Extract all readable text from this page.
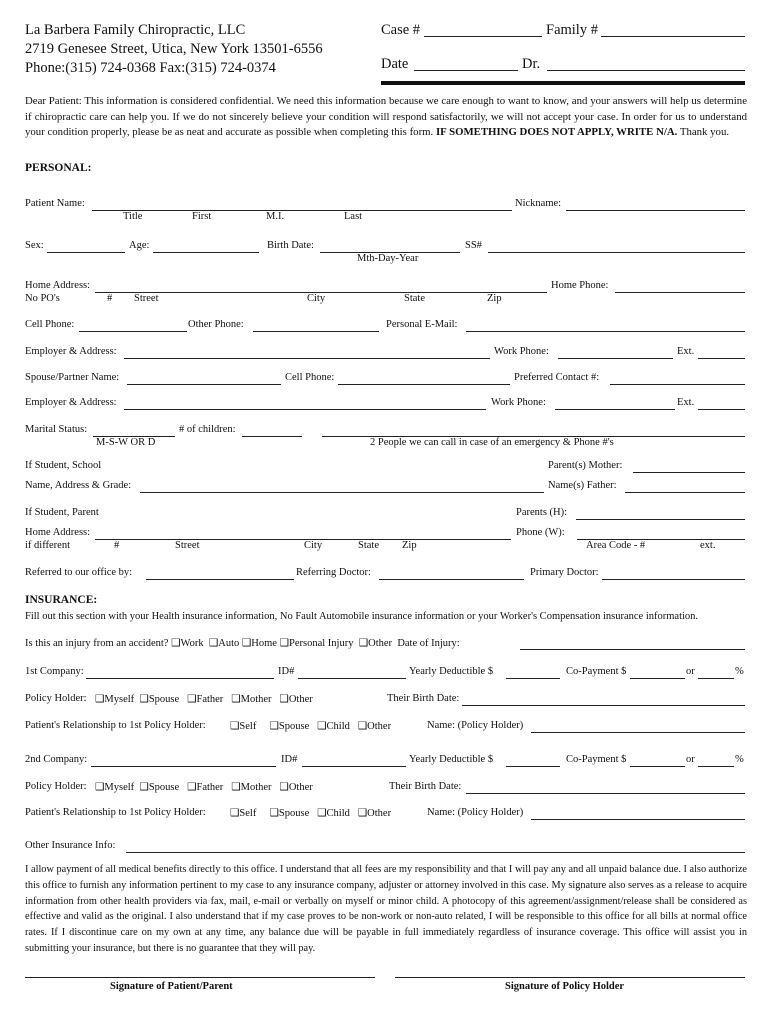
La Barbera Family Chiropractic, LLC
2719 Genesee Street, Utica, New York 13501-6556
Phone:(315) 724-0368 Fax:(315) 724-0374
Case #	Family #
Date	Dr.
Dear Patient: This information is considered confidential. We need this information because we care enough to want to know, and your answers will help us determine if chiropractic care can help you. If we do not sincerely believe your condition will respond satisfactorily, we will not accept your case. In order for us to understand your condition properly, please be as neat and accurate as possible when completing this form. IF SOMETHING DOES NOT APPLY, WRITE N/A. Thank you.
PERSONAL:
Patient Name:	Nickname:
Title	First	M.I.	Last
Sex:	Age:	Birth Date:	SS#
Mth-Day-Year
Home Address:	Home Phone:
No PO's	# Street	City	State	Zip
Cell Phone:	Other Phone:	Personal E-Mail:
Employer & Address:	Work Phone:	Ext.
Spouse/Partner Name:	Cell Phone:	Preferred Contact #:
Employer & Address:	Work Phone:	Ext.
Marital Status:	# of children:
M-S-W OR D	2 People we can call in case of an emergency & Phone #'s
If Student, School	Parent(s) Mother:
Name, Address & Grade:	Name(s) Father:
If Student, Parent	Parents (H):
Home Address:	Phone (W):
if different	#	Street	City	State Zip	Area Code - #	ext.
Referred to our office by:	Referring Doctor:	Primary Doctor:
INSURANCE:
Fill out this section with your Health insurance information, No Fault Automobile insurance information or your Worker's Compensation insurance information.
Is this an injury from an accident? ❑Work ❑Auto ❑Home ❑Personal Injury ❑Other Date of Injury:
1st Company:	ID#	Yearly Deductible $	Co-Payment $	or	%
Policy Holder: ❑Myself ❑Spouse ❑Father ❑Mother ❑Other	Their Birth Date:
Patient's Relationship to 1st Policy Holder: ❑Self ❑Spouse ❑Child ❑Other	Name: (Policy Holder)
2nd Company:	ID#	Yearly Deductible $	Co-Payment $	or	%
Policy Holder: ❑Myself ❑Spouse ❑Father ❑Mother ❑Other	Their Birth Date:
Patient's Relationship to 1st Policy Holder: ❑Self ❑Spouse ❑Child ❑Other	Name: (Policy Holder)
Other Insurance Info:
I allow payment of all medical benefits directly to this office. I understand that all fees are my responsibility and that I will pay any and all unpaid balance due. I also authorize this office to furnish any information pertinent to my case to any insurance company, adjuster or attorney involved in this case. My signature also serves as a release to acquire information from other health providers via fax, mail, e-mail or verbally on myself or minor child. A photocopy of this agreement/assignment/release shall be considered as effective and valid as the original. I also understand that if my case proves to be non-work or non-auto related, I will be responsible to this office for all bills at normal office rates. If I discontinue care on my own at any time, any balance due will be payable in full immediately regardless of insurance coverage. This office will assist you in submitting your insurance, but there is no guarantee that they will pay.
Signature of Patient/Parent	Signature of Policy Holder
